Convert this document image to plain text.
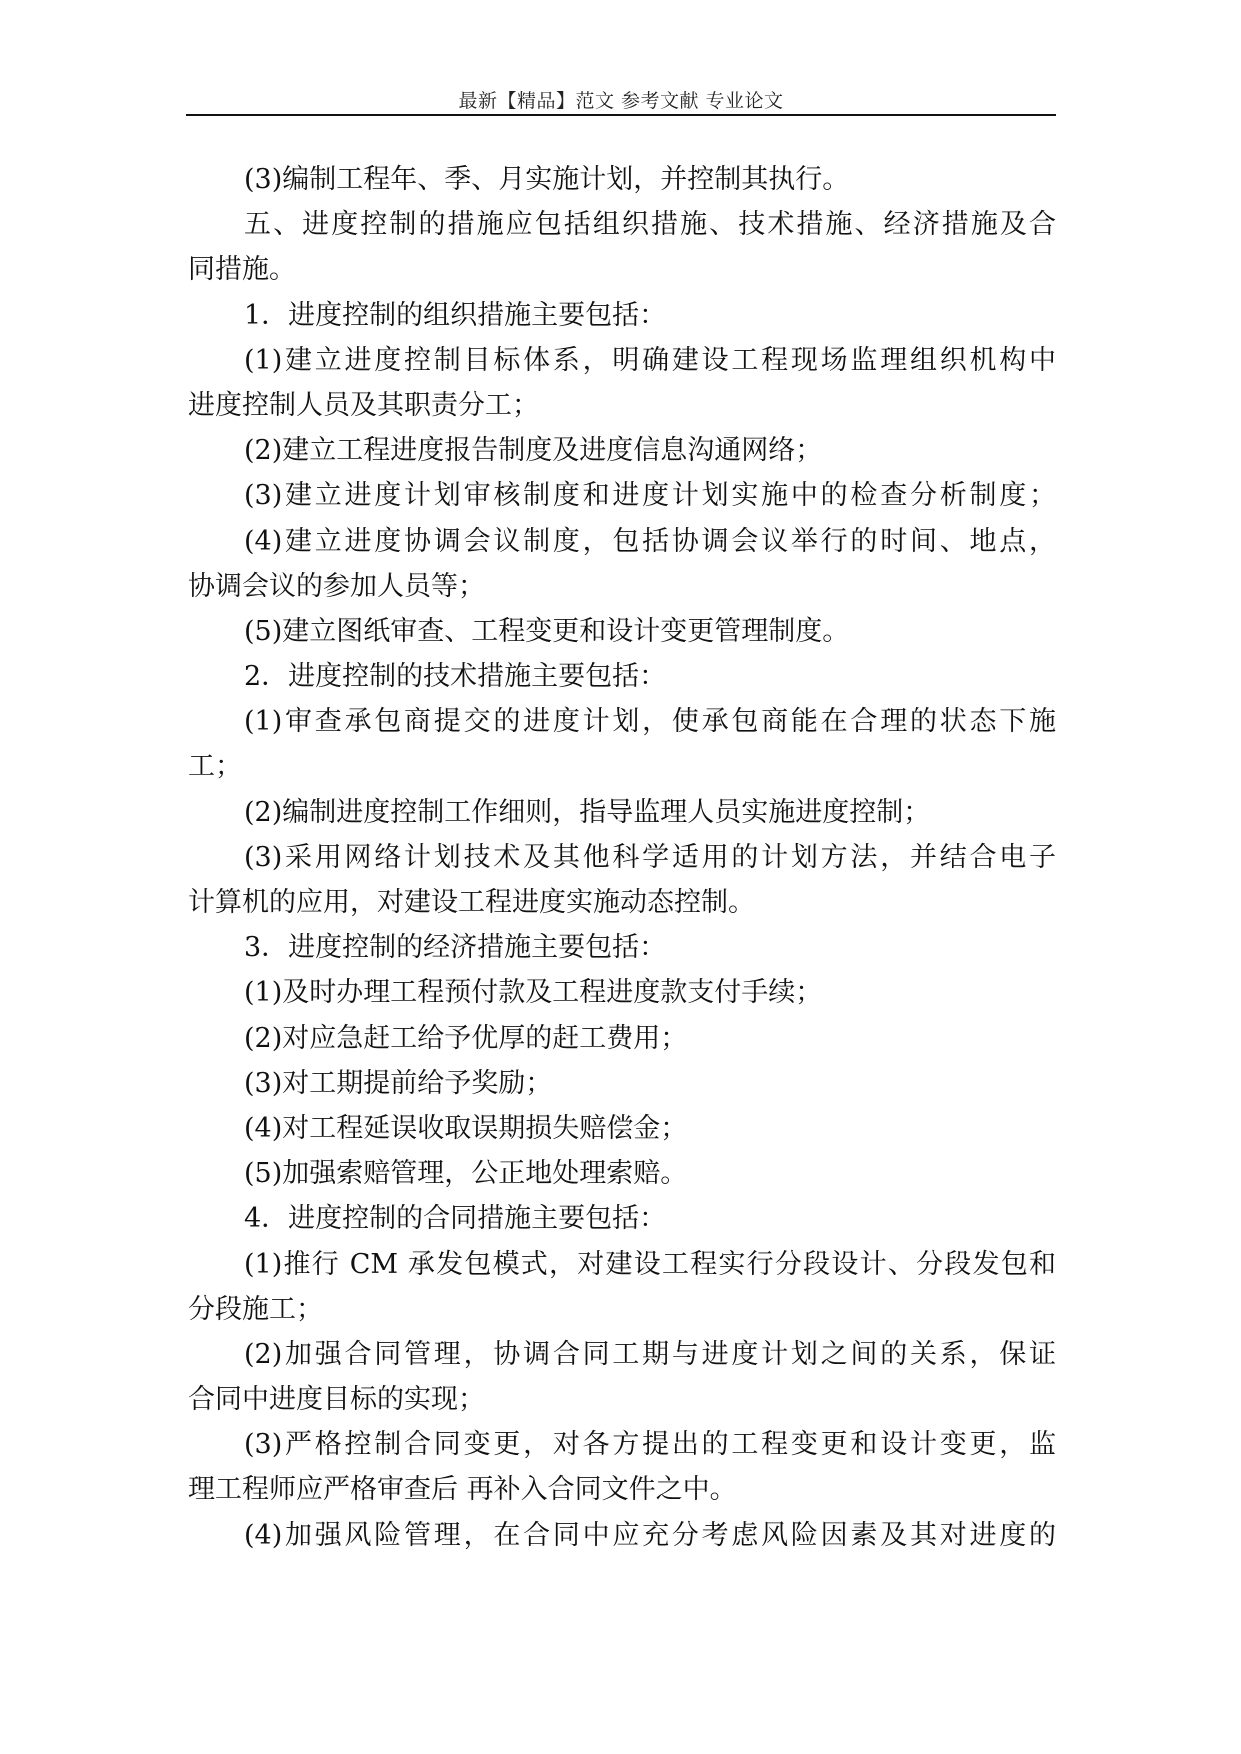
最新【精品】范文 参考文献 专业论文
(3)编制工程年、季、月实施计划，并控制其执行。
五、进度控制的措施应包括组织措施、技术措施、经济措施及合
同措施。
1．进度控制的组织措施主要包括：
(1)建立进度控制目标体系，明确建设工程现场监理组织机构中
进度控制人员及其职责分工；
(2)建立工程进度报告制度及进度信息沟通网络；
(3)建立进度计划审核制度和进度计划实施中的检查分析制度；
(4)建立进度协调会议制度，包括协调会议举行的时间、地点，
协调会议的参加人员等；
(5)建立图纸审查、工程变更和设计变更管理制度。
2．进度控制的技术措施主要包括：
(1)审查承包商提交的进度计划，使承包商能在合理的状态下施
工；
(2)编制进度控制工作细则，指导监理人员实施进度控制；
(3)采用网络计划技术及其他科学适用的计划方法，并结合电子
计算机的应用，对建设工程进度实施动态控制。
3．进度控制的经济措施主要包括：
(1)及时办理工程预付款及工程进度款支付手续；
(2)对应急赶工给予优厚的赶工费用；
(3)对工期提前给予奖励；
(4)对工程延误收取误期损失赔偿金；
(5)加强索赔管理，公正地处理索赔。
4．进度控制的合同措施主要包括：
(1)推行 CM 承发包模式，对建设工程实行分段设计、分段发包和
分段施工；
(2)加强合同管理，协调合同工期与进度计划之间的关系，保证
合同中进度目标的实现；
(3)严格控制合同变更，对各方提出的工程变更和设计变更，监
理工程师应严格审查后 再补入合同文件之中。
(4)加强风险管理，在合同中应充分考虑风险因素及其对进度的
